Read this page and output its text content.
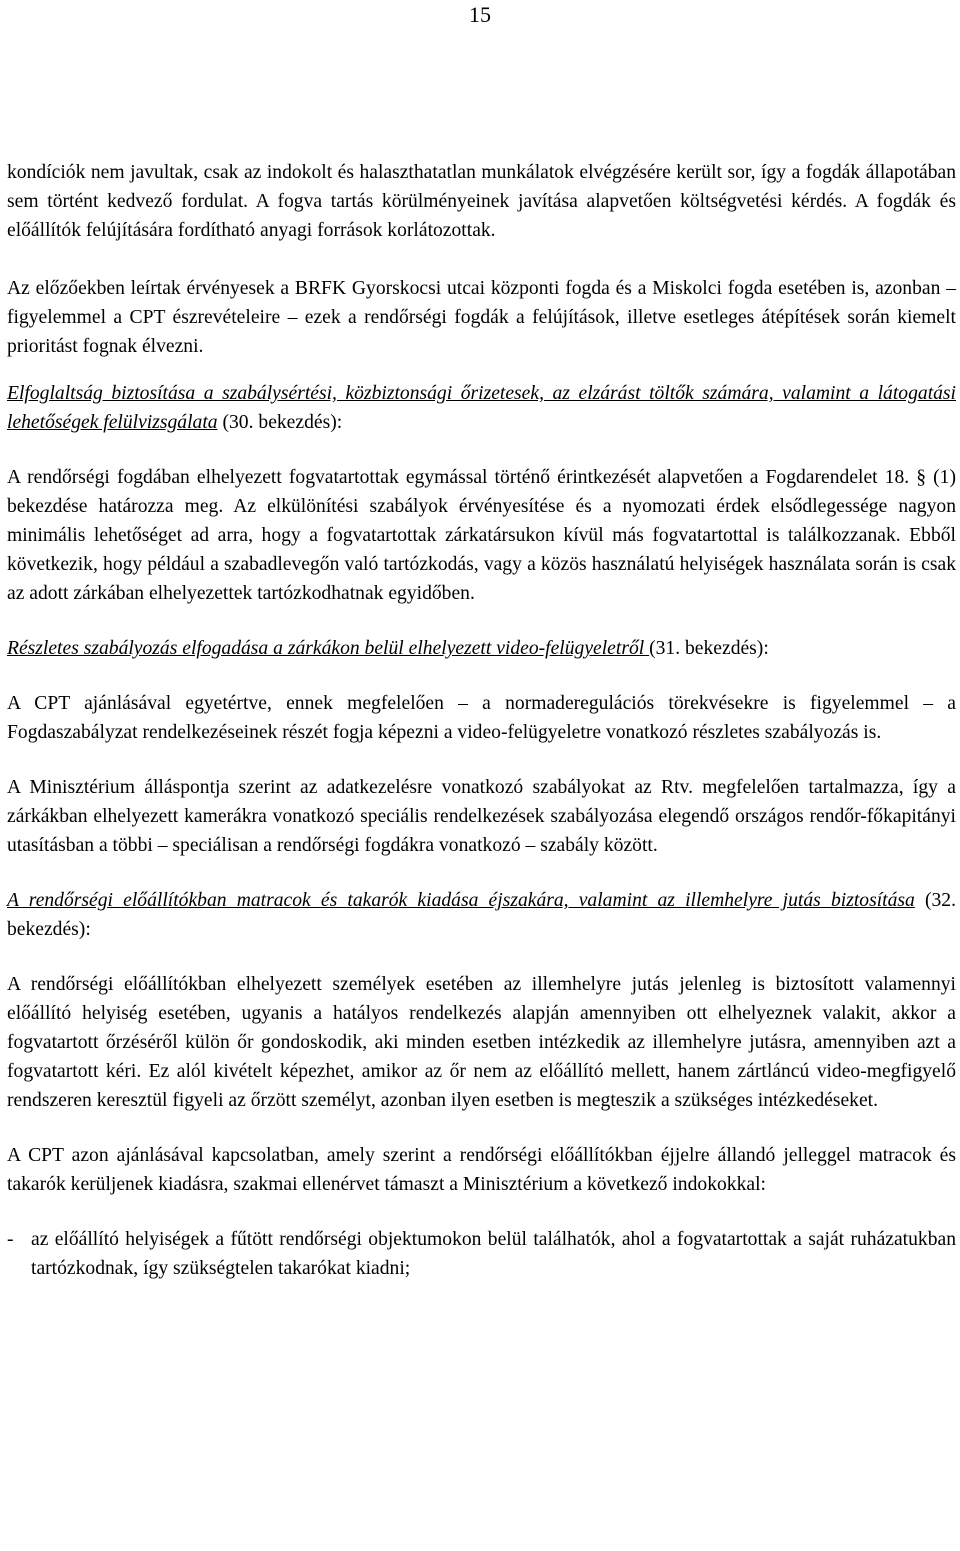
15

kondíciók nem javultak, csak az indokolt és halaszthatatlan munkálatok elvégzésére került sor, így a fogdák állapotában sem történt kedvező fordulat. A fogva tartás körülményeinek javítása alapvetően költségvetési kérdés. A fogdák és előállítók felújítására fordítható anyagi források korlátozottak.

Az előzőekben leírtak érvényesek a BRFK Gyorskocsi utcai központi fogda és a Miskolci fogda esetében is, azonban – figyelemmel a CPT észrevételeire – ezek a rendőrségi fogdák a felújítások, illetve esetleges átépítések során kiemelt prioritást fognak élvezni.

Elfoglaltság biztosítása a szabálysértési, közbiztonsági őrizetesek, az elzárást töltők számára, valamint a látogatási lehetőségek felülvizsgálata (30. bekezdés):

A rendőrségi fogdában elhelyezett fogvatartottak egymással történő érintkezését alapvetően a Fogdarendelet 18. § (1) bekezdése határozza meg. Az elkülönítési szabályok érvényesítése és a nyomozati érdek elsődlegessége nagyon minimális lehetőséget ad arra, hogy a fogvatartottak zárkatársukon kívül más fogvatartottal is találkozzanak. Ebből következik, hogy például a szabadlevegőn való tartózkodás, vagy a közös használatú helyiségek használata során is csak az adott zárkában elhelyezettek tartózkodhatnak egyidőben.

Részletes szabályozás elfogadása a zárkákon belül elhelyezett video-felügyeletről (31. bekezdés):

A CPT ajánlásával egyetértve, ennek megfelelően – a normaderegulációs törekvésekre is figyelemmel – a Fogdaszabályzat rendelkezéseinek részét fogja képezni a video-felügyeletre vonatkozó részletes szabályozás is.

A Minisztérium álláspontja szerint az adatkezelésre vonatkozó szabályokat az Rtv. megfelelően tartalmazza, így a zárkákban elhelyezett kamerákra vonatkozó speciális rendelkezések szabályozása elegendő országos rendőr-főkapitányi utasításban a többi – speciálisan a rendőrségi fogdákra vonatkozó – szabály között.

A rendőrségi előállítókban matracok és takarók kiadása éjszakára, valamint az illemhelyre jutás biztosítása (32. bekezdés):

A rendőrségi előállítókban elhelyezett személyek esetében az illemhelyre jutás jelenleg is biztosított valamennyi előállító helyiség esetében, ugyanis a hatályos rendelkezés alapján amennyiben ott elhelyeznek valakit, akkor a fogvatartott őrzéséről külön őr gondoskodik, aki minden esetben intézkedik az illemhelyre jutásra, amennyiben azt a fogvatartott kéri. Ez alól kivételt képezhet, amikor az őr nem az előállító mellett, hanem zártláncú video-megfigyelő rendszeren keresztül figyeli az őrzött személyt, azonban ilyen esetben is megteszik a szükséges intézkedéseket.

A CPT azon ajánlásával kapcsolatban, amely szerint a rendőrségi előállítókban éjjelre állandó jelleggel matracok és takarók kerüljenek kiadásra, szakmai ellenérvet támaszt a Minisztérium a következő indokokkal:

- az előállító helyiségek a fűtött rendőrségi objektumokon belül találhatók, ahol a fogvatartottak a saját ruházatukban tartózkodnak, így szükségtelen takarókat kiadni;
